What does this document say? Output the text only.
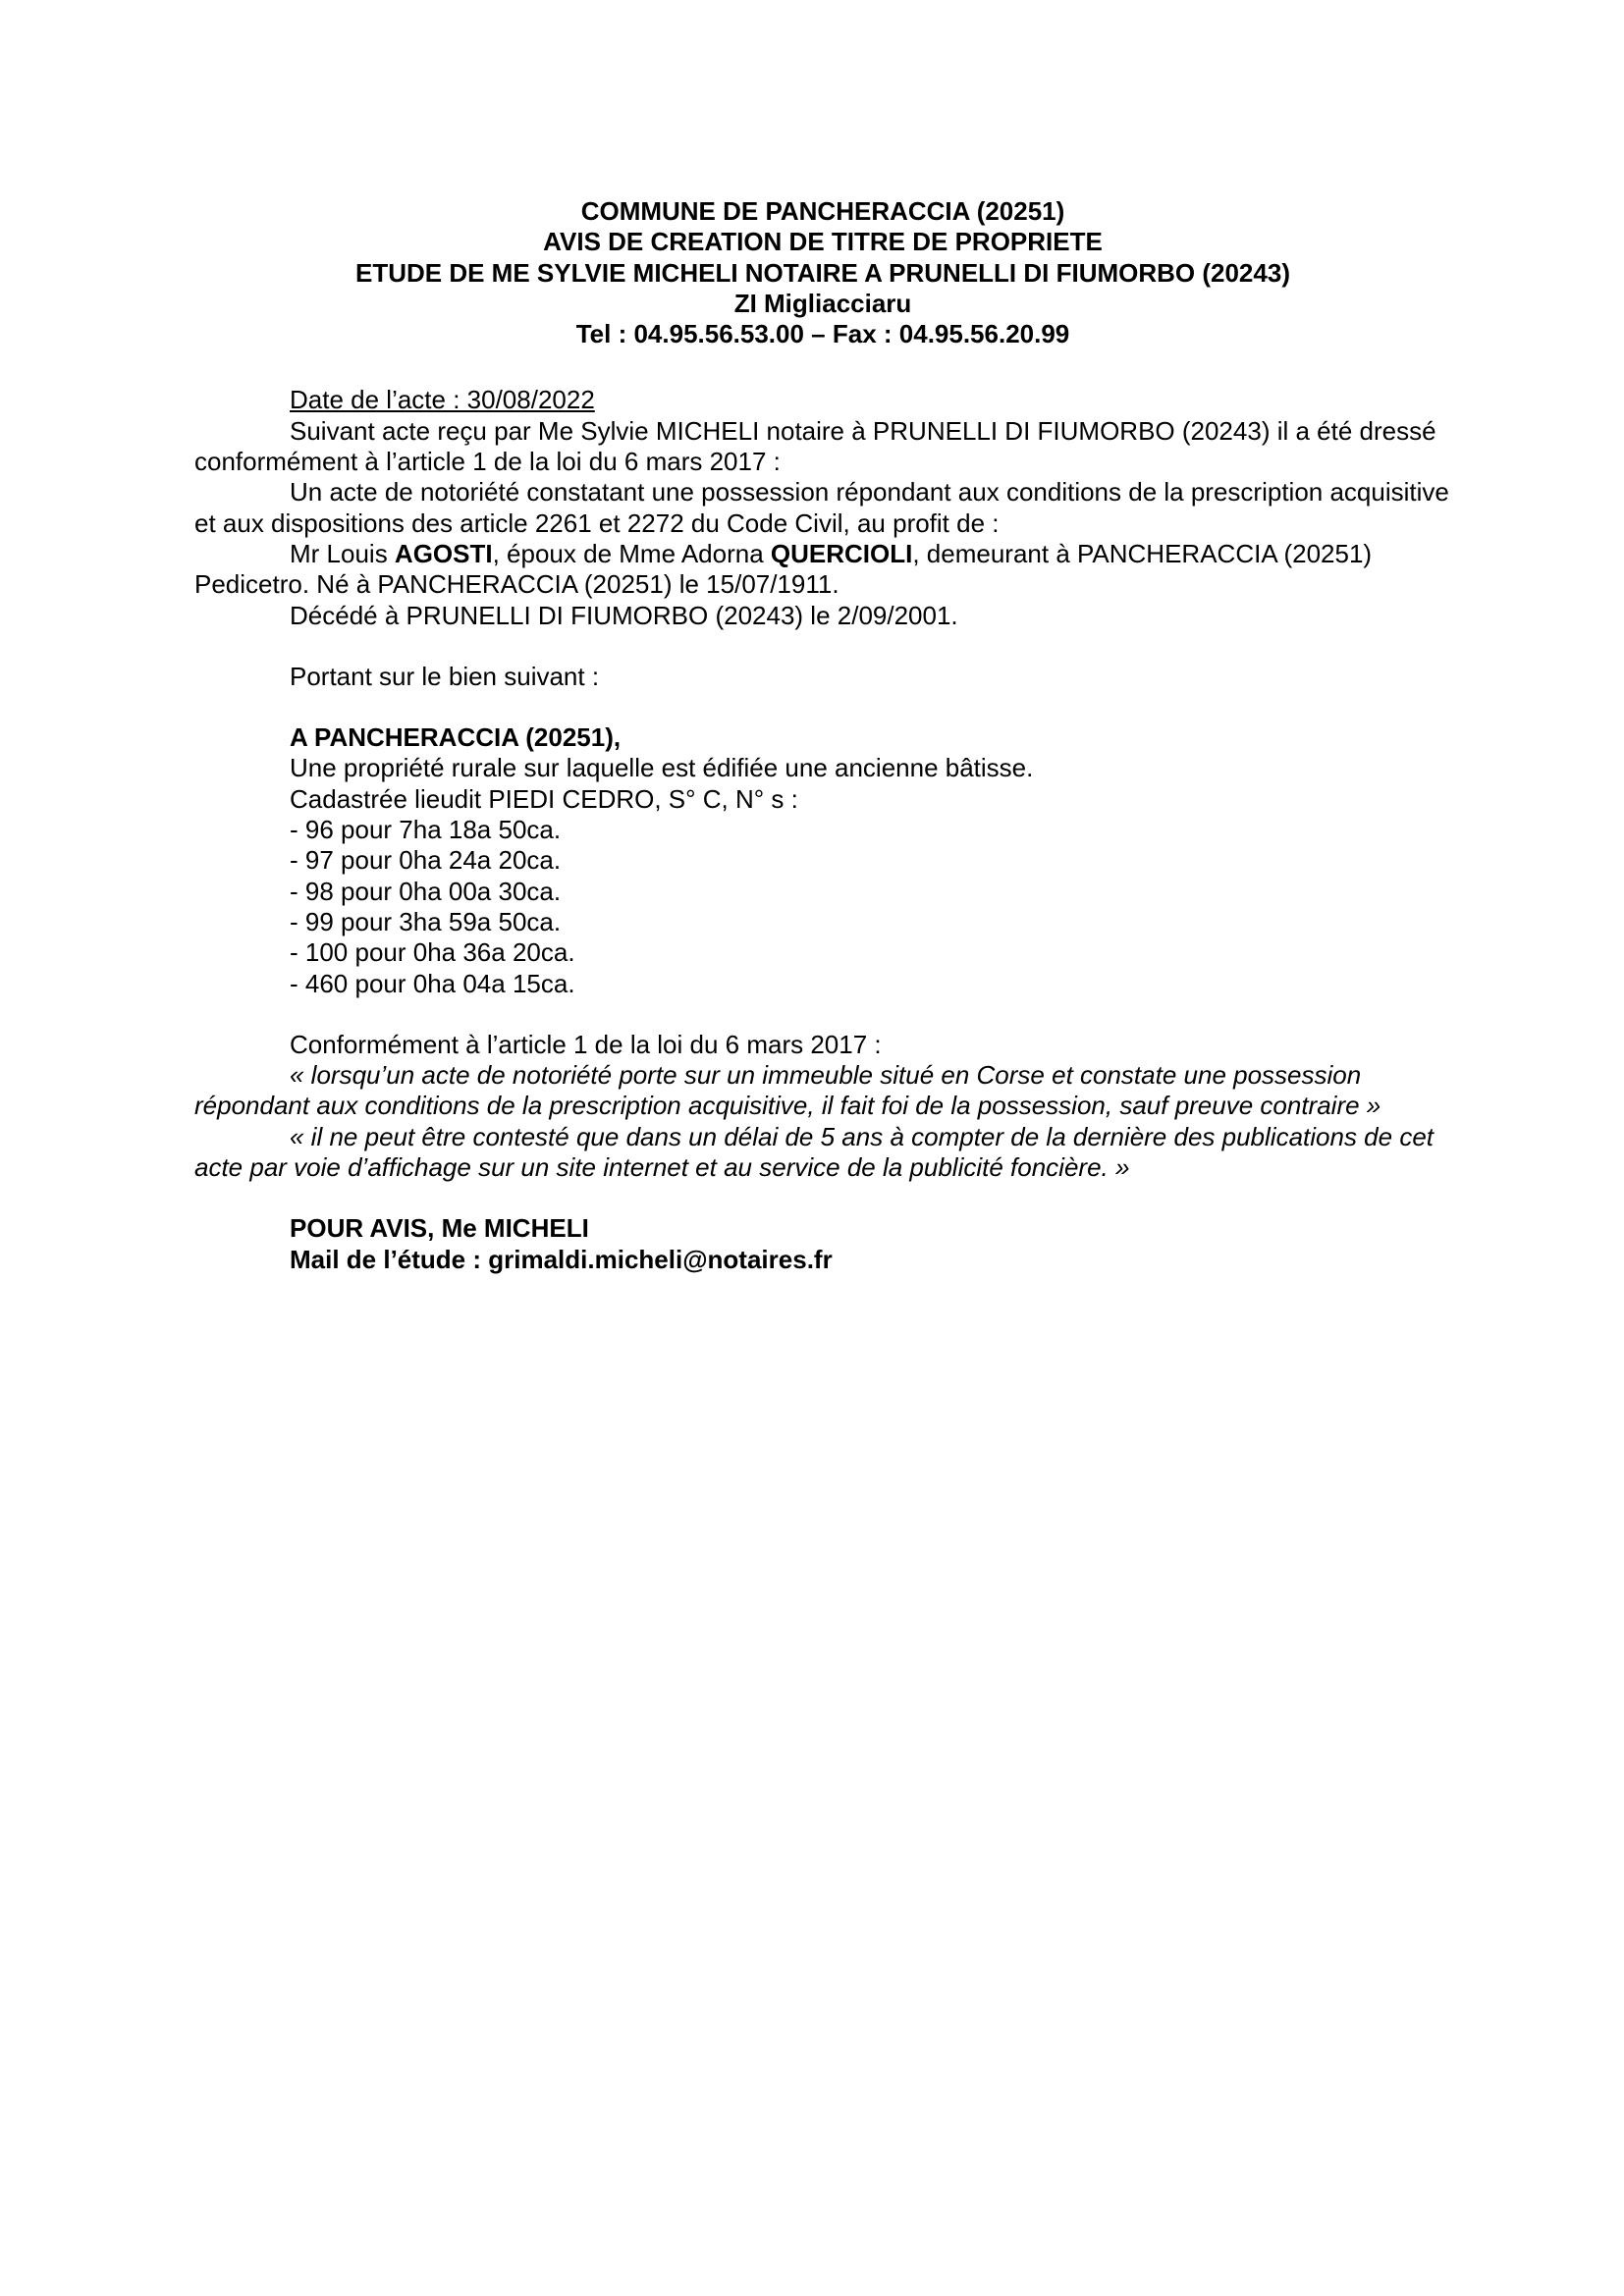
COMMUNE DE PANCHERACCIA (20251)
AVIS DE CREATION DE TITRE DE PROPRIETE
ETUDE DE ME SYLVIE MICHELI NOTAIRE A PRUNELLI DI FIUMORBO (20243)
ZI Migliacciaru
Tel : 04.95.56.53.00 – Fax : 04.95.56.20.99

Date de l’acte : 30/08/2022

Suivant acte reçu par Me Sylvie MICHELI notaire à PRUNELLI DI FIUMORBO (20243) il a été dressé conformément à l’article 1 de la loi du 6 mars 2017 :

Un acte de notoriété constatant une possession répondant aux conditions de la prescription acquisitive et aux dispositions des article 2261 et 2272 du Code Civil, au profit de :

Mr Louis AGOSTI, époux de Mme Adorna QUERCIOLI, demeurant à PANCHERACCIA (20251) Pedicetro. Né à PANCHERACCIA (20251) le 15/07/1911.

Décédé à PRUNELLI DI FIUMORBO (20243) le 2/09/2001.

Portant sur le bien suivant :

A PANCHERACCIA (20251),

Une propriété rurale sur laquelle est édifiée une ancienne bâtisse.

Cadastrée lieudit PIEDI CEDRO, S° C, N° s :

- 96 pour 7ha 18a 50ca.

- 97 pour 0ha 24a 20ca.

- 98 pour 0ha 00a 30ca.

- 99 pour 3ha 59a 50ca.

- 100 pour 0ha 36a 20ca.

- 460 pour 0ha 04a 15ca.

Conformément à l’article 1 de la loi du 6 mars 2017 :

« lorsqu’un acte de notoriété porte sur un immeuble situé en Corse et constate une possession répondant aux conditions de la prescription acquisitive, il fait foi de la possession, sauf preuve contraire »

« il ne peut être contesté que dans un délai de 5 ans à compter de la dernière des publications de cet acte par voie d’affichage sur un site internet et au service de la publicité foncière. »

POUR AVIS, Me MICHELI

Mail de l’étude : grimaldi.micheli@notaires.fr
